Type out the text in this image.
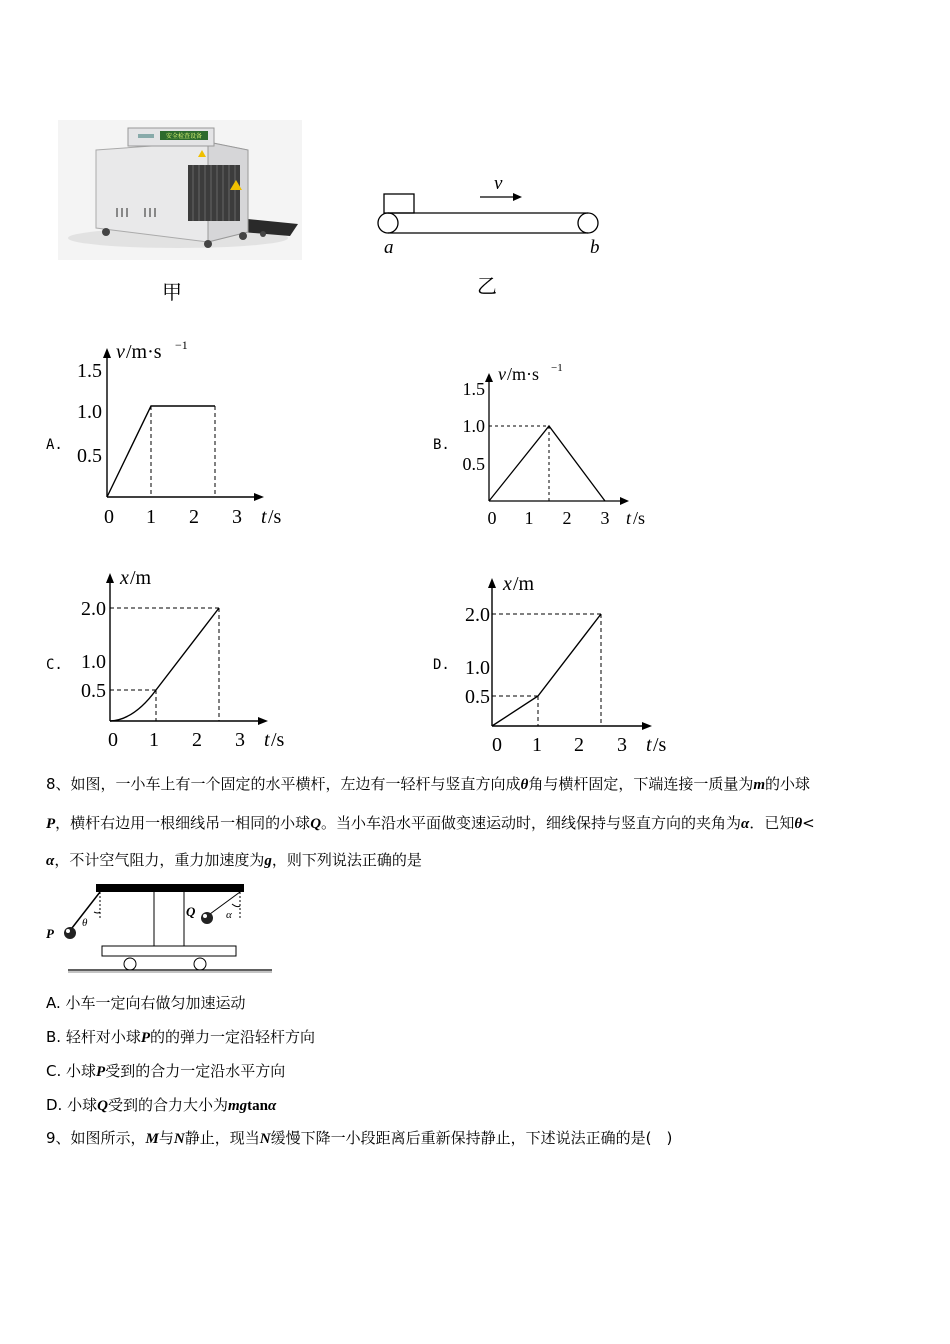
安全检查设备
甲
v
a	b
乙
A.
v /m·s −1
t /s
1.5
1.0
0.5
0 1 2 3
B.
v /m·s −1
t /s
1.5
1.0
0.5
0 1 2 3
C.
x /m
t /s
2.0
1.0
0.5
0 1 2 3
D.
x /m
t /s
2.0
1.0
0.5
0 1 2 3
8、如图，一小车上有一个固定的水平横杆，左边有一轻杆与竖直方向成θ角与横杆固定，下端连接一质量为m的小球
P，横杆右边用一根细线吊一相同的小球Q。当小车沿水平面做变速运动时，细线保持与竖直方向的夹角为α．已知θ<
α，不计空气阻力，重力加速度为g，则下列说法正确的是
P
θ
Q	α
A. 小车一定向右做匀加速运动
B. 轻杆对小球P的的弹力一定沿轻杆方向
C. 小球P受到的合力一定沿水平方向
D. 小球Q受到的合力大小为mgtanα
9、如图所示，M与N静止，现当N缓慢下降一小段距离后重新保持静止，下述说法正确的是(　)
